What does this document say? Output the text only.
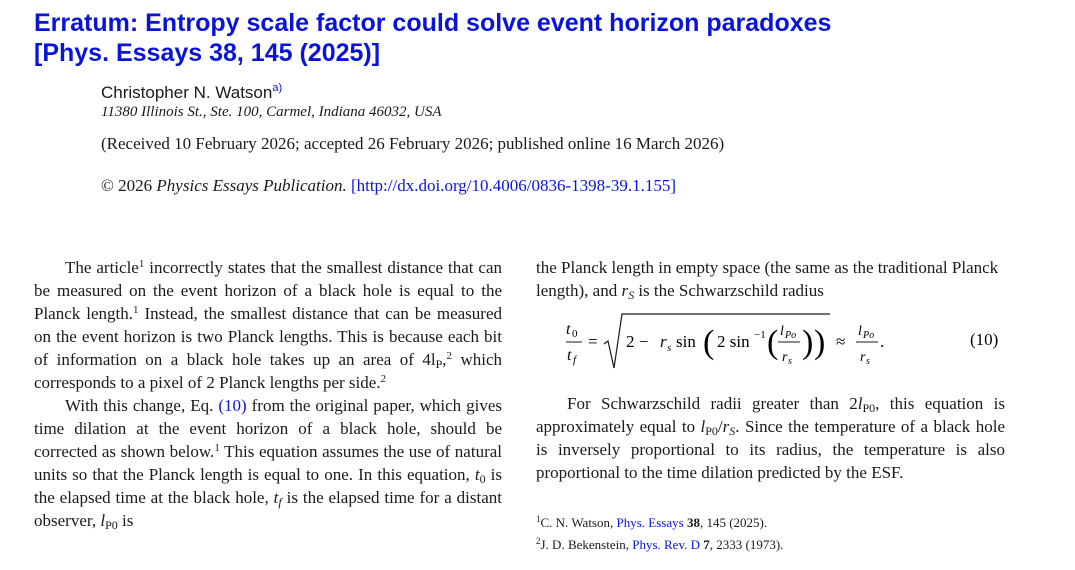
Erratum: Entropy scale factor could solve event horizon paradoxes
[Phys. Essays 38, 145 (2025)]
Christopher N. Watson$^{a)}$
11380 Illinois St., Ste. 100, Carmel, Indiana 46032, USA
(Received 10 February 2026; accepted 26 February 2026; published online 16 March 2026)
© 2026 Physics Essays Publication. [http://dx.doi.org/10.4006/0836-1398-39.1.155]

The article$^1$ incorrectly states that the smallest distance that can be measured on the event horizon of a black hole is equal to the Planck length.$^1$ Instead, the smallest distance that can be measured on the event horizon is two Planck lengths. This is because each bit of information on a black hole takes up an area of $4l_P,^2$ which corresponds to a pixel of 2 Planck lengths per side.$^2$

With this change, Eq. (10) from the original paper, which gives time dilation at the event horizon of a black hole, should be corrected as shown below.$^1$ This equation assumes the use of natural units so that the Planck length is equal to one. In this equation, $t_0$ is the elapsed time at the black hole, $t_f$ is the elapsed time for a distant observer, $l_{P0}$ is

the Planck length in empty space (the same as the traditional Planck length), and $r_S$ is the Schwarzschild radius

t 0
t f
= 2 − r s sin ( 2 sin −1 ( l Po
r s
) ) ≈
l Po
r s
.	(10)

For Schwarzschild radii greater than $2l_{P0}$, this equation is approximately equal to $l_{P0}/r_S$. Since the temperature of a black hole is inversely proportional to its radius, the temperature is also proportional to the time dilation predicted by the ESF.

$^1$C. N. Watson, Phys. Essays 38, 145 (2025).
$^2$J. D. Bekenstein, Phys. Rev. D 7, 2333 (1973).
